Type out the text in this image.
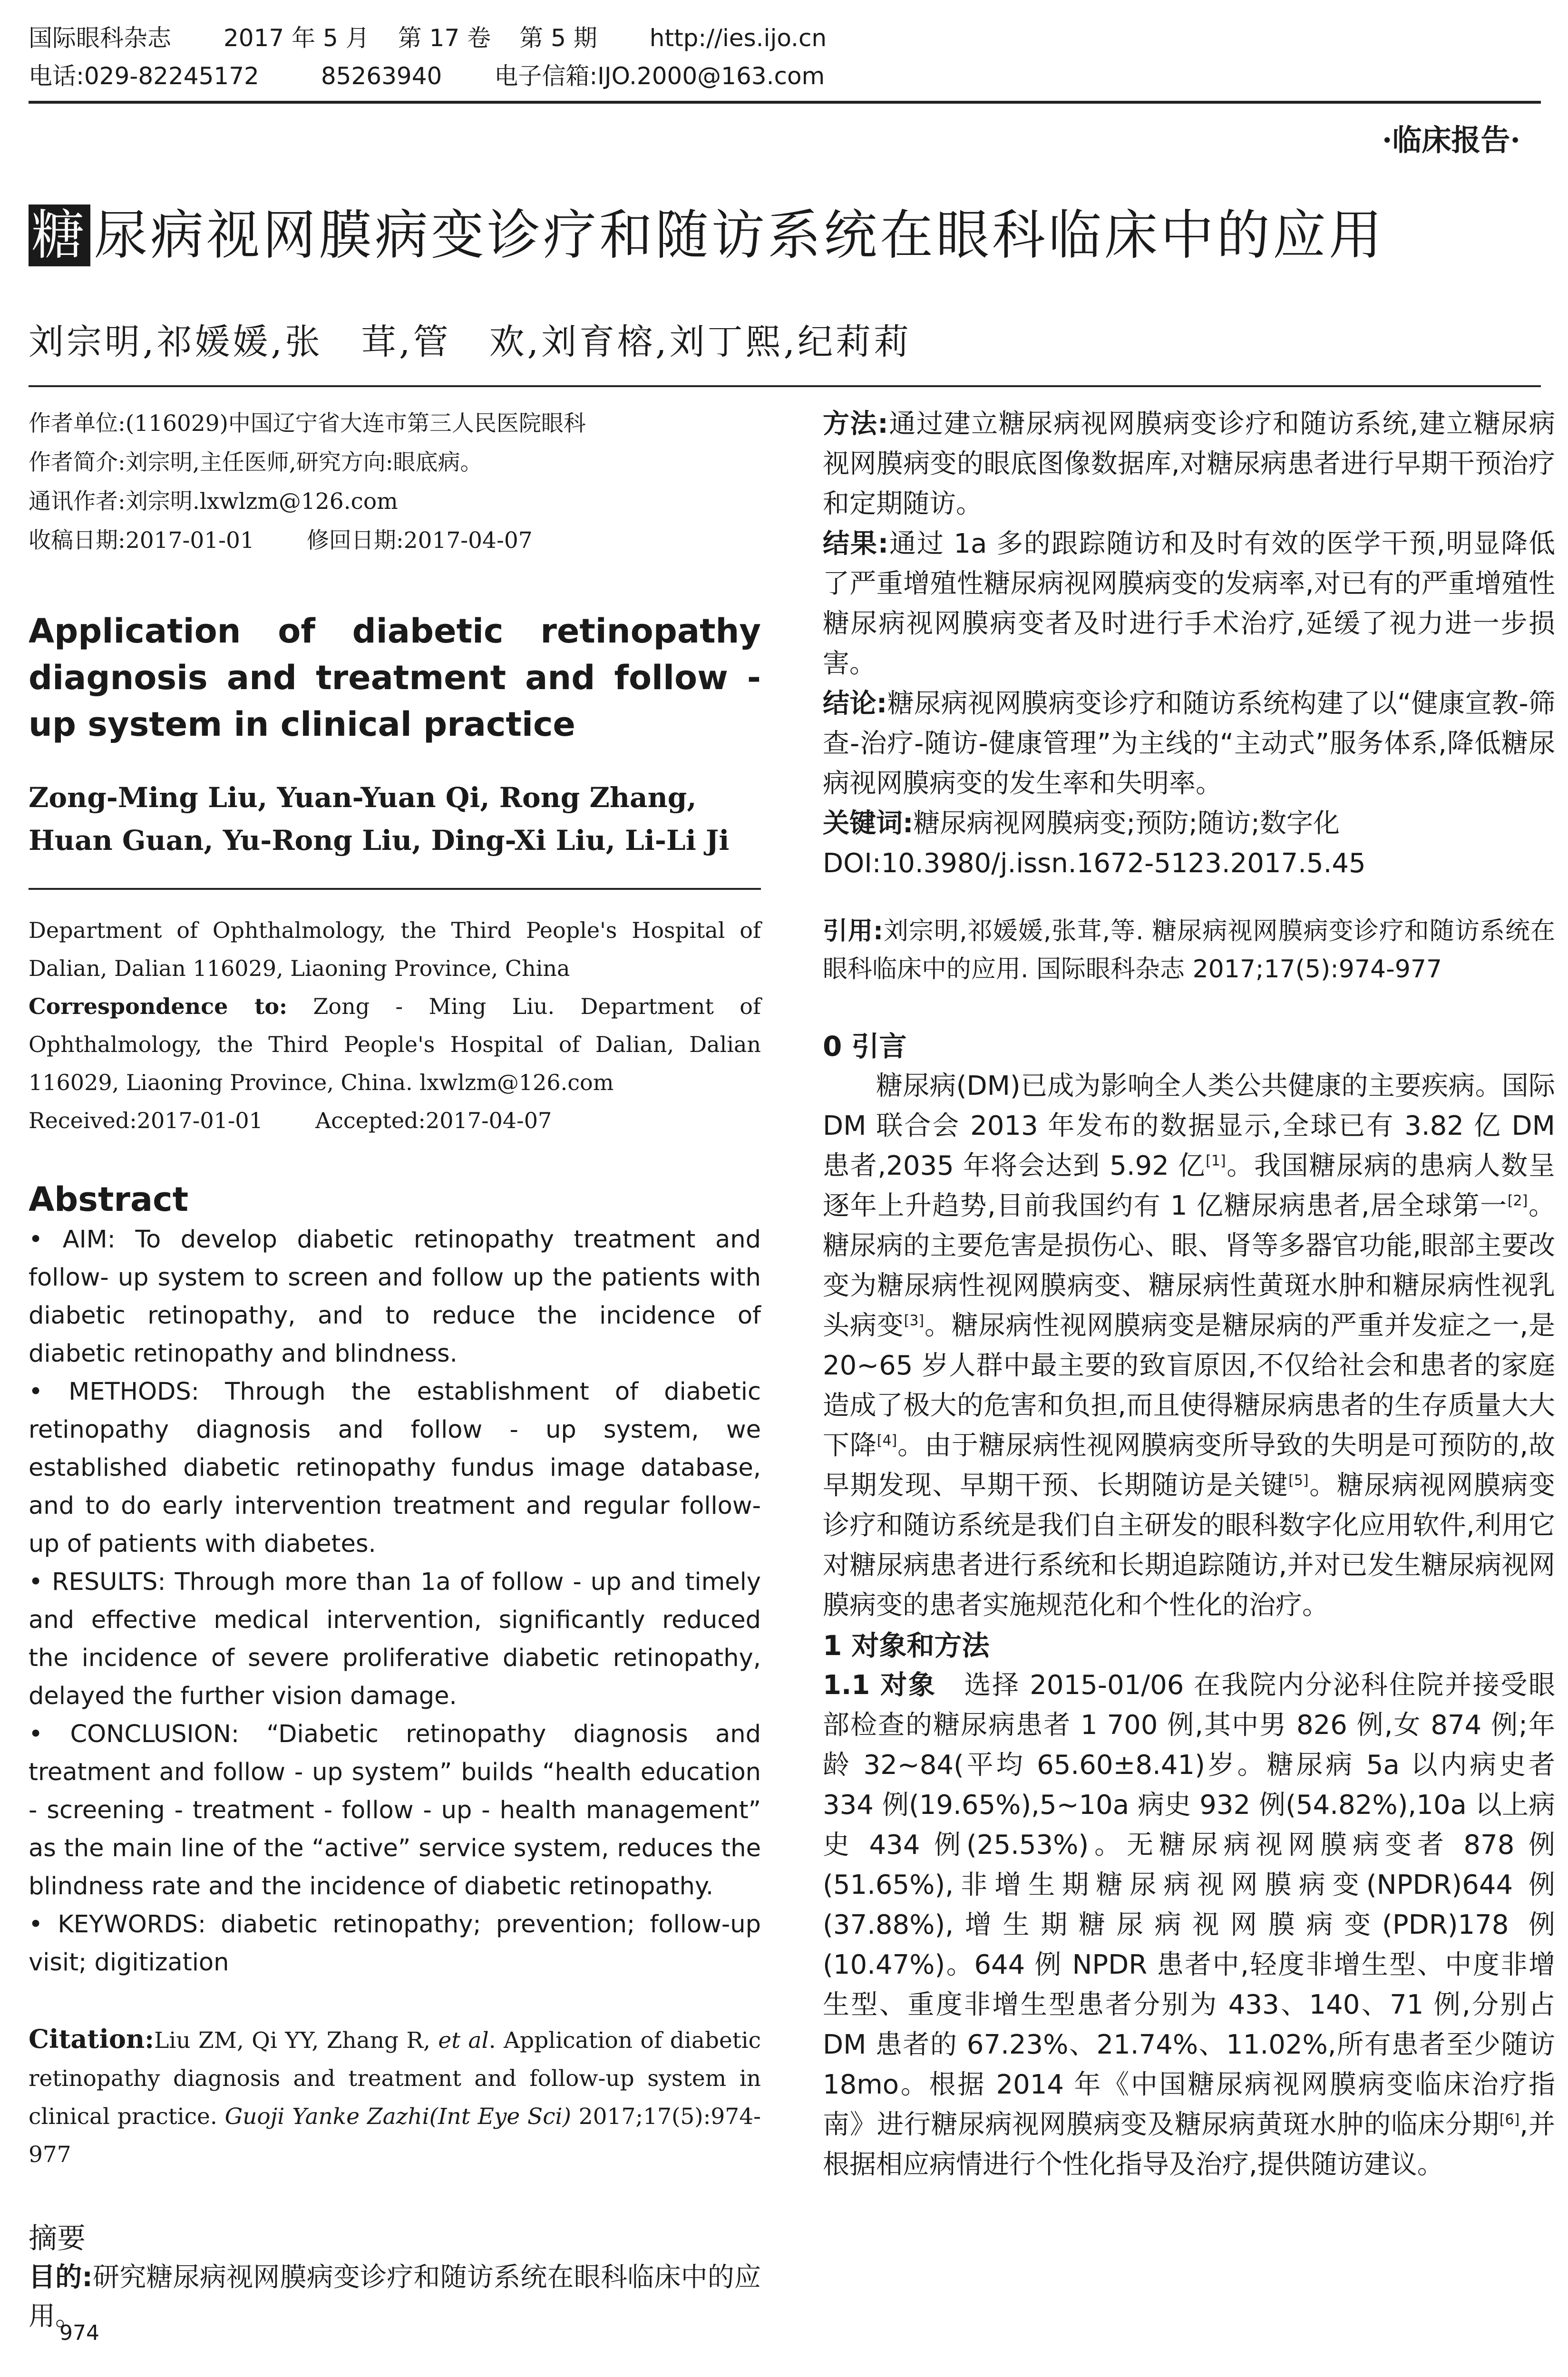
国际眼科杂志 2017 年 5 月 第 17 卷 第 5 期 http://ies.ijo.cn
电话:029-82245172	85263940 电子信箱:IJO.2000@163.com
·临床报告·
糖 尿病视网膜病变诊疗和随访系统在眼科临床中的应用
刘宗明,祁媛媛,张　茸,管　欢,刘育榕,刘丁熙,纪莉莉
作者单位:(116029)中国辽宁省大连市第三人民医院眼科
作者简介:刘宗明,主任医师,研究方向:眼底病。
通讯作者:刘宗明.lxwlzm@126.com
收稿日期:2017-01-01 修回日期:2017-04-07
Application of diabetic retinopathy diagnosis and treatment and follow - up system in clinical practice
Zong-Ming Liu, Yuan-Yuan Qi, Rong Zhang, Huan Guan, Yu-Rong Liu, Ding-Xi Liu, Li-Li Ji
Department of Ophthalmology, the Third People's Hospital of Dalian, Dalian 116029, Liaoning Province, China
Correspondence to: Zong - Ming Liu. Department of Ophthalmology, the Third People's Hospital of Dalian, Dalian 116029, Liaoning Province, China. lxwlzm@126.com
Received:2017-01-01 Accepted:2017-04-07
Abstract

• AIM: To develop diabetic retinopathy treatment and follow- up system to screen and follow up the patients with diabetic retinopathy, and to reduce the incidence of diabetic retinopathy and blindness.

• METHODS: Through the establishment of diabetic retinopathy diagnosis and follow - up system, we established diabetic retinopathy fundus image database, and to do early intervention treatment and regular follow-up of patients with diabetes.

• RESULTS: Through more than 1a of follow - up and timely and effective medical intervention, significantly reduced the incidence of severe proliferative diabetic retinopathy, delayed the further vision damage.

• CONCLUSION: “Diabetic retinopathy diagnosis and treatment and follow - up system” builds “health education - screening - treatment - follow - up - health management” as the main line of the “active” service system, reduces the blindness rate and the incidence of diabetic retinopathy.

• KEYWORDS: diabetic retinopathy; prevention; follow-up visit; digitization

Citation:Liu ZM, Qi YY, Zhang R, et al. Application of diabetic retinopathy diagnosis and treatment and follow-up system in clinical practice. Guoji Yanke Zazhi(Int Eye Sci) 2017;17(5):974-977
摘要
目的:研究糖尿病视网膜病变诊疗和随访系统在眼科临床中的应用。

方法:通过建立糖尿病视网膜病变诊疗和随访系统,建立糖尿病视网膜病变的眼底图像数据库,对糖尿病患者进行早期干预治疗和定期随访。

结果:通过 1a 多的跟踪随访和及时有效的医学干预,明显降低了严重增殖性糖尿病视网膜病变的发病率,对已有的严重增殖性糖尿病视网膜病变者及时进行手术治疗,延缓了视力进一步损害。

结论:糖尿病视网膜病变诊疗和随访系统构建了以“健康宣教-筛查-治疗-随访-健康管理”为主线的“主动式”服务体系,降低糖尿病视网膜病变的发生率和失明率。

关键词:糖尿病视网膜病变;预防;随访;数字化

DOI:10.3980/j.issn.1672-5123.2017.5.45

引用:刘宗明,祁媛媛,张茸,等. 糖尿病视网膜病变诊疗和随访系统在眼科临床中的应用. 国际眼科杂志 2017;17(5):974-977

0 引言

糖尿病(DM)已成为影响全人类公共健康的主要疾病。国际 DM 联合会 2013 年发布的数据显示,全球已有 3.82 亿 DM 患者,2035 年将会达到 5.92 亿[1]。我国糖尿病的患病人数呈逐年上升趋势,目前我国约有 1 亿糖尿病患者,居全球第一[2]。糖尿病的主要危害是损伤心、眼、肾等多器官功能,眼部主要改变为糖尿病性视网膜病变、糖尿病性黄斑水肿和糖尿病性视乳头病变[3]。糖尿病性视网膜病变是糖尿病的严重并发症之一,是 20~65 岁人群中最主要的致盲原因,不仅给社会和患者的家庭造成了极大的危害和负担,而且使得糖尿病患者的生存质量大大下降[4]。由于糖尿病性视网膜病变所导致的失明是可预防的,故早期发现、早期干预、长期随访是关键[5]。糖尿病视网膜病变诊疗和随访系统是我们自主研发的眼科数字化应用软件,利用它对糖尿病患者进行系统和长期追踪随访,并对已发生糖尿病视网膜病变的患者实施规范化和个性化的治疗。

1 对象和方法

1.1 对象　选择 2015-01/06 在我院内分泌科住院并接受眼部检查的糖尿病患者 1 700 例,其中男 826 例,女 874 例;年龄 32~84(平均 65.60±8.41)岁。糖尿病 5a 以内病史者 334 例(19.65%),5~10a 病史 932 例(54.82%),10a 以上病史 434 例(25.53%)。无糖尿病视网膜病变者 878 例(51.65%),非增生期糖尿病视网膜病变(NPDR)644 例(37.88%),增生期糖尿病视网膜病变(PDR)178 例(10.47%)。644 例 NPDR 患者中,轻度非增生型、中度非增生型、重度非增生型患者分别为 433、140、71 例,分别占 DM 患者的 67.23%、21.74%、11.02%,所有患者至少随访 18mo。根据 2014 年《中国糖尿病视网膜病变临床治疗指南》进行糖尿病视网膜病变及糖尿病黄斑水肿的临床分期[6],并根据相应病情进行个性化指导及治疗,提供随访建议。

974
